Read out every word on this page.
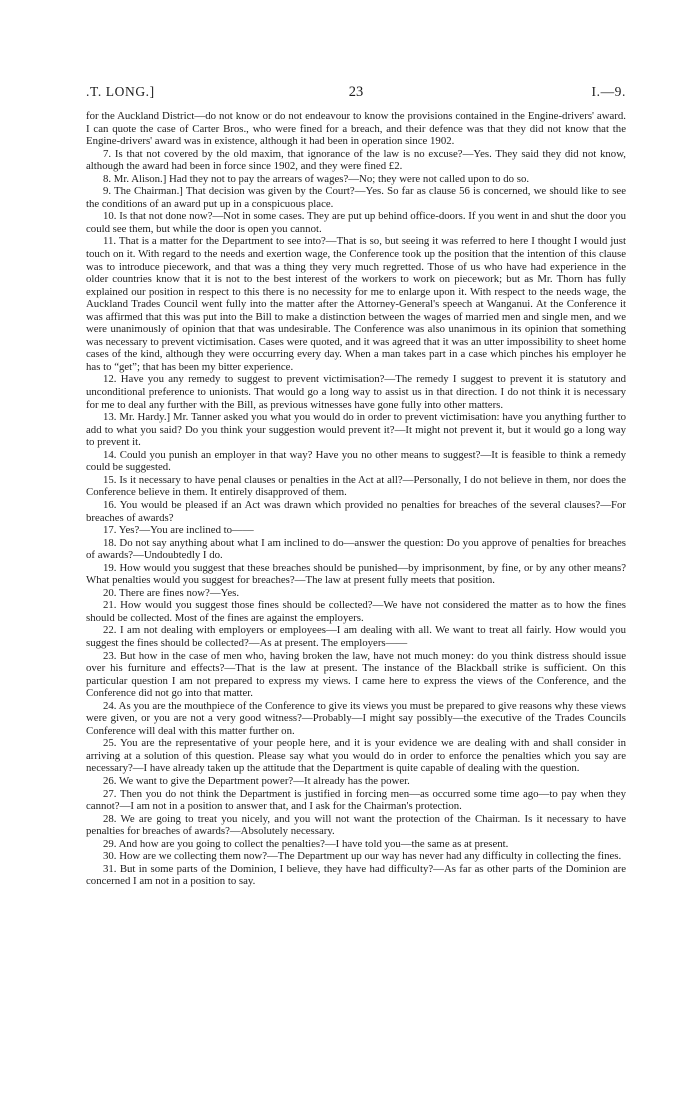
.T. LONG.]	23	I.—9.

for the Auckland District—do not know or do not endeavour to know the provisions contained in the Engine-drivers' award. I can quote the case of Carter Bros., who were fined for a breach, and their defence was that they did not know that the Engine-drivers' award was in existence, although it had been in operation since 1902.

7. Is that not covered by the old maxim, that ignorance of the law is no excuse?—Yes. They said they did not know, although the award had been in force since 1902, and they were fined £2.

8. Mr. Alison.] Had they not to pay the arrears of wages?—No; they were not called upon to do so.

9. The Chairman.] That decision was given by the Court?—Yes. So far as clause 56 is concerned, we should like to see the conditions of an award put up in a conspicuous place.

10. Is that not done now?—Not in some cases. They are put up behind office-doors. If you went in and shut the door you could see them, but while the door is open you cannot.

11. That is a matter for the Department to see into?—That is so, but seeing it was referred to here I thought I would just touch on it. With regard to the needs and exertion wage, the Conference took up the position that the intention of this clause was to introduce piecework, and that was a thing they very much regretted. Those of us who have had experience in the older countries know that it is not to the best interest of the workers to work on piecework; but as Mr. Thorn has fully explained our position in respect to this there is no necessity for me to enlarge upon it. With respect to the needs wage, the Auckland Trades Council went fully into the matter after the Attorney-General's speech at Wanganui. At the Conference it was affirmed that this was put into the Bill to make a distinction between the wages of married men and single men, and we were unanimously of opinion that that was undesirable. The Conference was also unanimous in its opinion that something was necessary to prevent victimisation. Cases were quoted, and it was agreed that it was an utter impossibility to sheet home cases of the kind, although they were occurring every day. When a man takes part in a case which pinches his employer he has to “get”; that has been my bitter experience.

12. Have you any remedy to suggest to prevent victimisation?—The remedy I suggest to prevent it is statutory and unconditional preference to unionists. That would go a long way to assist us in that direction. I do not think it is necessary for me to deal any further with the Bill, as previous witnesses have gone fully into other matters.

13. Mr. Hardy.] Mr. Tanner asked you what you would do in order to prevent victimisation: have you anything further to add to what you said? Do you think your suggestion would prevent it?—It might not prevent it, but it would go a long way to prevent it.

14. Could you punish an employer in that way? Have you no other means to suggest?—It is feasible to think a remedy could be suggested.

15. Is it necessary to have penal clauses or penalties in the Act at all?—Personally, I do not believe in them, nor does the Conference believe in them. It entirely disapproved of them.

16. You would be pleased if an Act was drawn which provided no penalties for breaches of the several clauses?—For breaches of awards?

17. Yes?—You are inclined to——

18. Do not say anything about what I am inclined to do—answer the question: Do you approve of penalties for breaches of awards?—Undoubtedly I do.

19. How would you suggest that these breaches should be punished—by imprisonment, by fine, or by any other means? What penalties would you suggest for breaches?—The law at present fully meets that position.

20. There are fines now?—Yes.

21. How would you suggest those fines should be collected?—We have not considered the matter as to how the fines should be collected. Most of the fines are against the employers.

22. I am not dealing with employers or employees—I am dealing with all. We want to treat all fairly. How would you suggest the fines should be collected?—As at present. The employers——

23. But how in the case of men who, having broken the law, have not much money: do you think distress should issue over his furniture and effects?—That is the law at present. The instance of the Blackball strike is sufficient. On this particular question I am not prepared to express my views. I came here to express the views of the Conference, and the Conference did not go into that matter.

24. As you are the mouthpiece of the Conference to give its views you must be prepared to give reasons why these views were given, or you are not a very good witness?—Probably—I might say possibly—the executive of the Trades Councils Conference will deal with this matter further on.

25. You are the representative of your people here, and it is your evidence we are dealing with and shall consider in arriving at a solution of this question. Please say what you would do in order to enforce the penalties which you say are necessary?—I have already taken up the attitude that the Department is quite capable of dealing with the question.

26. We want to give the Department power?—It already has the power.

27. Then you do not think the Department is justified in forcing men—as occurred some time ago—to pay when they cannot?—I am not in a position to answer that, and I ask for the Chairman's protection.

28. We are going to treat you nicely, and you will not want the protection of the Chairman. Is it necessary to have penalties for breaches of awards?—Absolutely necessary.

29. And how are you going to collect the penalties?—I have told you—the same as at present.

30. How are we collecting them now?—The Department up our way has never had any difficulty in collecting the fines.

31. But in some parts of the Dominion, I believe, they have had difficulty?—As far as other parts of the Dominion are concerned I am not in a position to say.
